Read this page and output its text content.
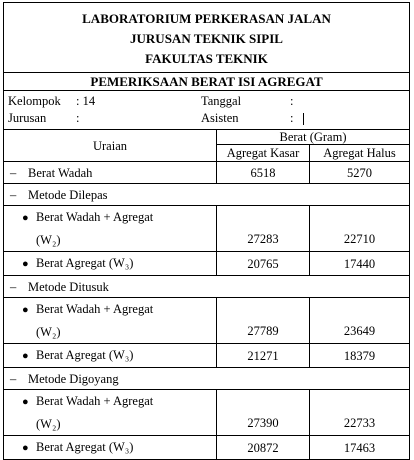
LABORATORIUM PERKERASAN JALAN
JURUSAN TEKNIK SIPIL
FAKULTAS TEKNIK		

PEMERIKSAAN BERAT ISI AGREGAT		

Kelompok : 14
Jurusan :
Tanggal :
Asisten :		

Uraian	Berat (Gram)	
	Agregat Kasar	Agregat Halus
– Berat Wadah	6518	5270
– Metode Dilepas		

● Berat Wadah + Agregat
(W₂)	27283	22710
● Berat Agregat (W₃)	20765	17440
– Metode Ditusuk		

● Berat Wadah + Agregat
(W₂)	27789	23649
● Berat Agregat (W₃)	21271	18379
– Metode Digoyang		

● Berat Wadah + Agregat
(W₂)	27390	22733
● Berat Agregat (W₃)	20872	17463
